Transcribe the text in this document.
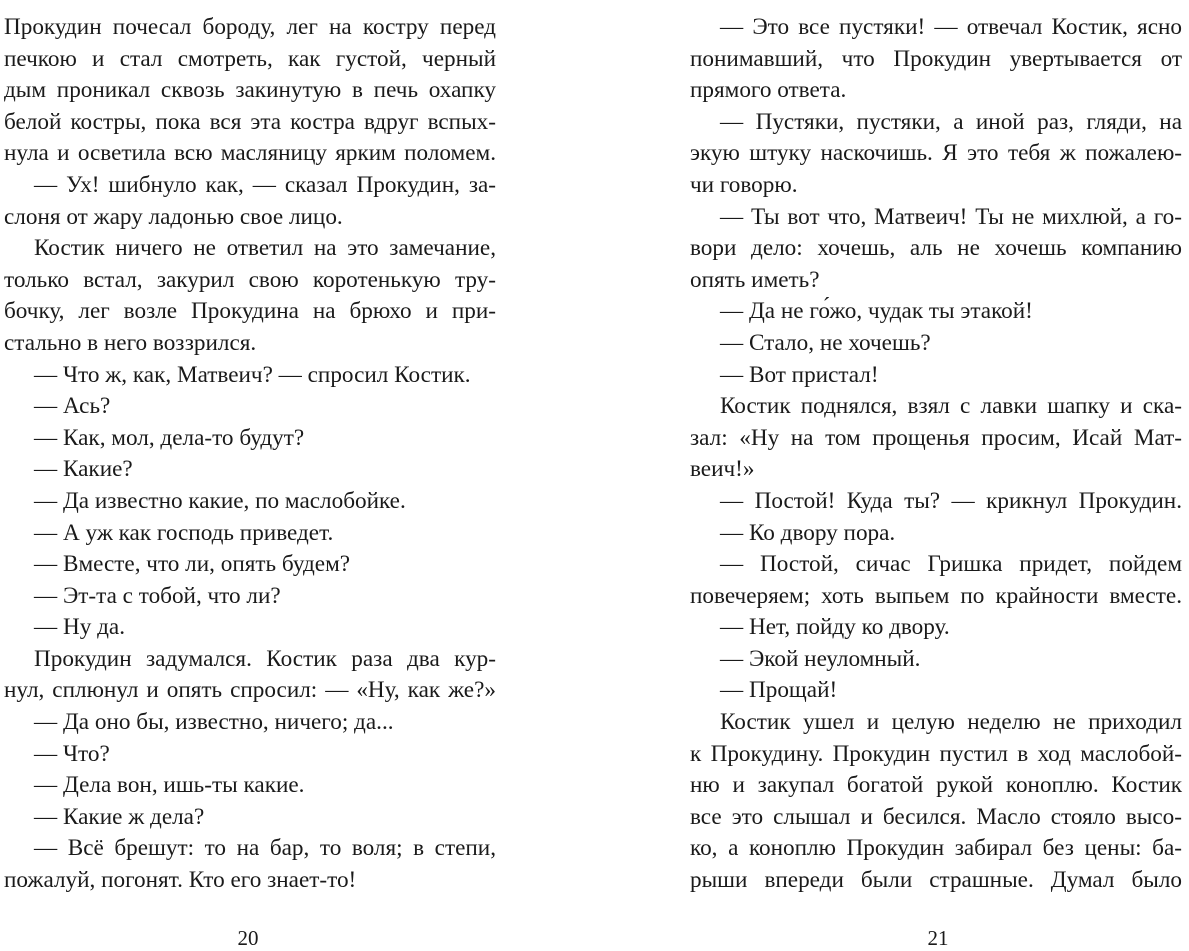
Прокудин почесал бороду, лег на костру перед
печкою и стал смотреть, как густой, черный
дым проникал сквозь закинутую в печь охапку
белой костры, пока вся эта костра вдруг вспых-
нула и осветила всю масляницу ярким поломем.
— Ух! шибнуло как, — сказал Прокудин, за-
слоня от жару ладонью свое лицо.
Костик ничего не ответил на это замечание,
только встал, закурил свою коротенькую тру-
бочку, лег возле Прокудина на брюхо и при-
стально в него воззрился.
— Что ж, как, Матвеич? — спросил Костик.
— Ась?
— Как, мол, дела-то будут?
— Какие?
— Да известно какие, по маслобойке.
— А уж как господь приведет.
— Вместе, что ли, опять будем?
— Эт-та с тобой, что ли?
— Ну да.
Прокудин задумался. Костик раза два кур-
нул, сплюнул и опять спросил: — «Ну, как же?»
— Да оно бы, известно, ничего; да...
— Что?
— Дела вон, ишь-ты какие.
— Какие ж дела?
— Всё брешут: то на бар, то воля; в степи,
пожалуй, погонят. Кто его знает-то!
— Это все пустяки! — отвечал Костик, ясно
понимавший, что Прокудин увертывается от
прямого ответа.
— Пустяки, пустяки, а иной раз, гляди, на
экую штуку наскочишь. Я это тебя ж пожалею-
чи говорю.
— Ты вот что, Матвеич! Ты не михлюй, а го-
вори дело: хочешь, аль не хочешь компанию
опять иметь?
— Да не го́жо, чудак ты этакой!
— Стало, не хочешь?
— Вот пристал!
Костик поднялся, взял с лавки шапку и ска-
зал: «Ну на том прощенья просим, Исай Мат-
веич!»
— Постой! Куда ты? — крикнул Прокудин.
— Ко двору пора.
— Постой, сичас Гришка придет, пойдем
повечеряем; хоть выпьем по крайности вместе.
— Нет, пойду ко двору.
— Экой неуломный.
— Прощай!
Костик ушел и целую неделю не приходил
к Прокудину. Прокудин пустил в ход маслобой-
ню и закупал богатой рукой коноплю. Костик
все это слышал и бесился. Масло стояло высо-
ко, а коноплю Прокудин забирал без цены: ба-
рыши впереди были страшные. Думал было
20	21
